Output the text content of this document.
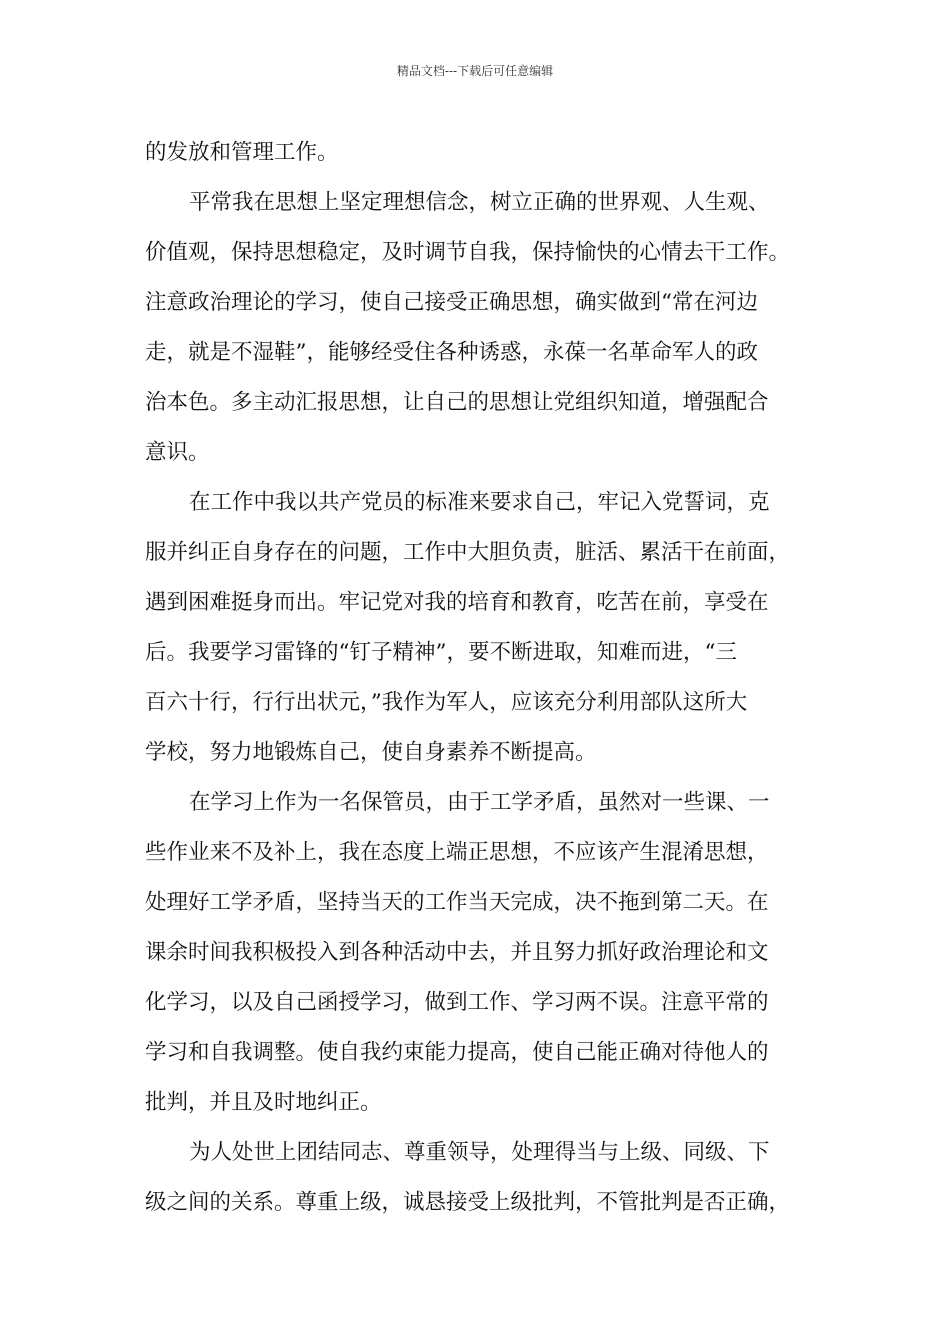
精品文档---下载后可任意编辑
的发放和管理工作。
平常我在思想上坚定理想信念，树立正确的世界观、人生观、
价值观，保持思想稳定，及时调节自我，保持愉快的心情去干工作。
注意政治理论的学习，使自己接受正确思想，确实做到“常在河边
走，就是不湿鞋”，能够经受住各种诱惑，永葆一名革命军人的政
治本色。多主动汇报思想，让自己的思想让党组织知道，增强配合
意识。
在工作中我以共产党员的标准来要求自己，牢记入党誓词，克
服并纠正自身存在的问题，工作中大胆负责，脏活、累活干在前面，
遇到困难挺身而出。牢记党对我的培育和教育，吃苦在前，享受在
后。我要学习雷锋的“钉子精神”，要不断进取，知难而进，“三
百六十行，行行出状元，”我作为军人，应该充分利用部队这所大
学校，努力地锻炼自己，使自身素养不断提高。
在学习上作为一名保管员，由于工学矛盾，虽然对一些课、一
些作业来不及补上，我在态度上端正思想，不应该产生混淆思想，
处理好工学矛盾，坚持当天的工作当天完成，决不拖到第二天。在
课余时间我积极投入到各种活动中去，并且努力抓好政治理论和文
化学习，以及自己函授学习，做到工作、学习两不误。注意平常的
学习和自我调整。使自我约束能力提高，使自己能正确对待他人的
批判，并且及时地纠正。
为人处世上团结同志、尊重领导，处理得当与上级、同级、下
级之间的关系。尊重上级，诚恳接受上级批判，不管批判是否正确，
